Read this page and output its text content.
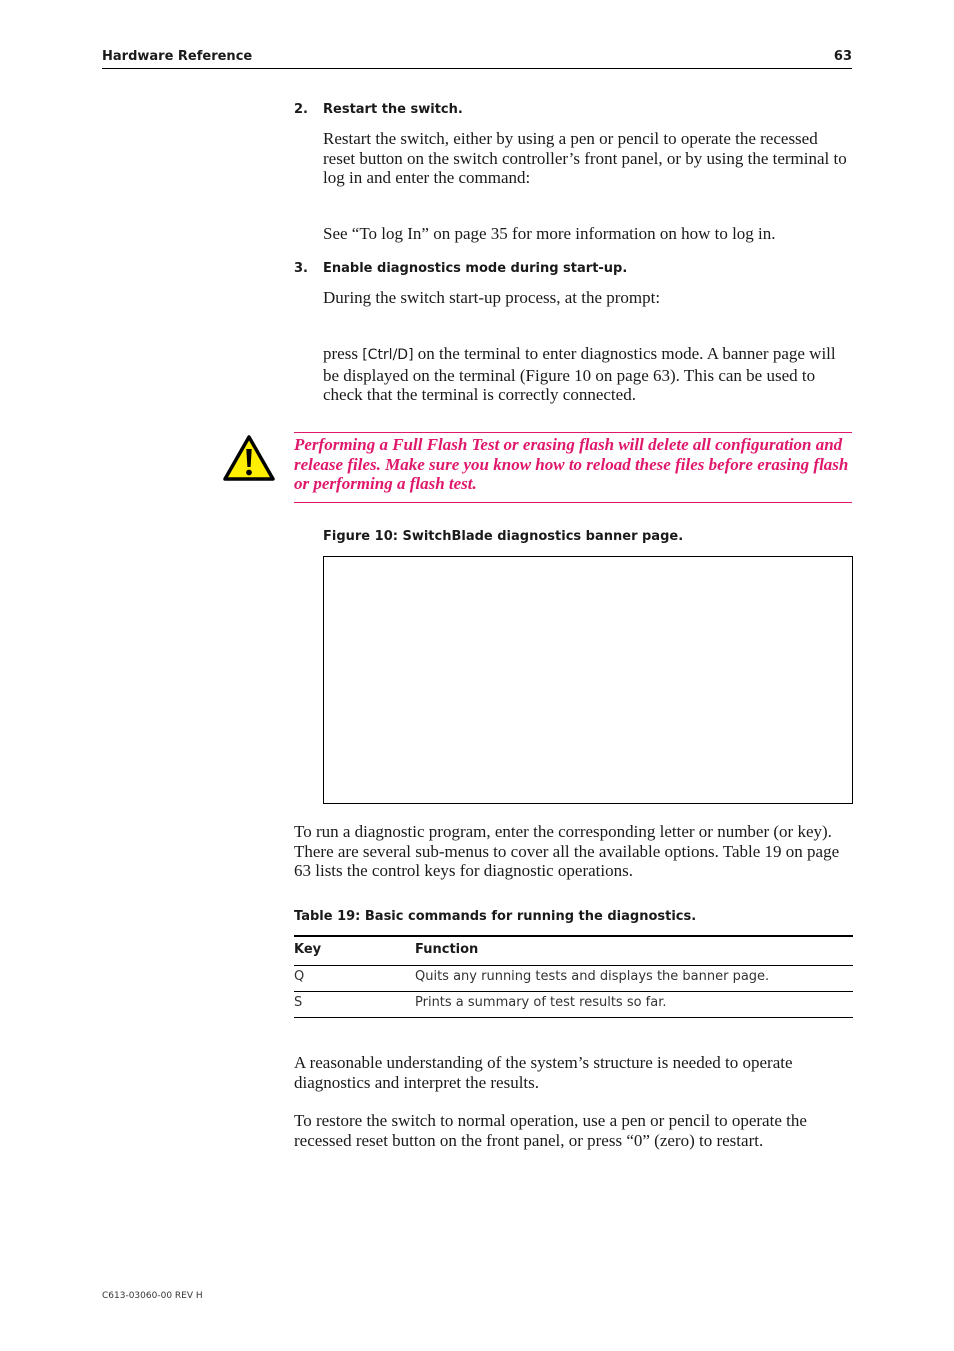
Hardware Reference	63
2. Restart the switch.
Restart the switch, either by using a pen or pencil to operate the recessed reset button on the switch controller’s front panel, or by using the terminal to log in and enter the command:
See “To log In” on page 35 for more information on how to log in.
3. Enable diagnostics mode during start-up.
During the switch start-up process, at the prompt:
press [Ctrl/D] on the terminal to enter diagnostics mode. A banner page will be displayed on the terminal (Figure 10 on page 63). This can be used to check that the terminal is correctly connected.
Performing a Full Flash Test or erasing flash will delete all configuration and release files. Make sure you know how to reload these files before erasing flash or performing a flash test.
Figure 10: SwitchBlade diagnostics banner page.
To run a diagnostic program, enter the corresponding letter or number (or key). There are several sub-menus to cover all the available options. Table 19 on page 63 lists the control keys for diagnostic operations.
Table 19: Basic commands for running the diagnostics.
Key	Function
Q	Quits any running tests and displays the banner page.
S	Prints a summary of test results so far.
A reasonable understanding of the system’s structure is needed to operate diagnostics and interpret the results.
To restore the switch to normal operation, use a pen or pencil to operate the recessed reset button on the front panel, or press “0” (zero) to restart.
C613-03060-00 REV H
